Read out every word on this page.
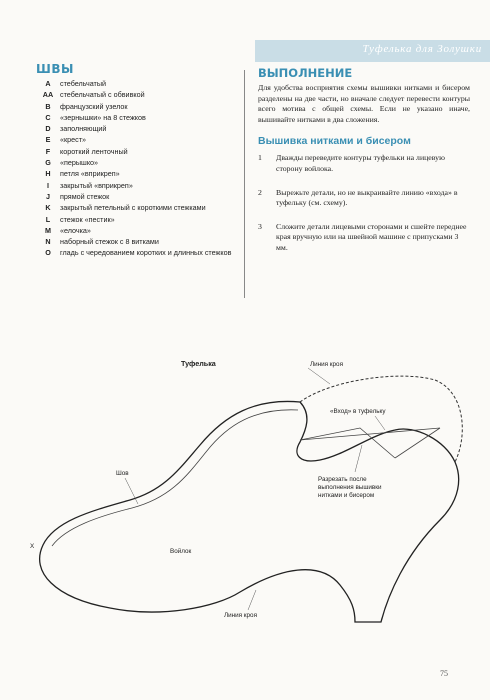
Туфелька для Золушки
ШВЫ
A	стебельчатый
AA стебельчатый с обвивкой
B	французский узелок
C	«зернышки» на 8 стежков
D	заполняющий
E	«крест»
F	короткий ленточный
G	«перышко»
H	петля «вприкреп»
I	закрытый «вприкреп»
J	прямой стежок
K	закрытый петельный с короткими стежками
L	стежок «пестик»
M	«елочка»
N	наборный стежок с 8 витками
O	гладь с чередованием коротких и длинных стежков
ВЫПОЛНЕНИЕ

Для удобства восприятия схемы вышивки нитками и бисером разделены на две части, но вначале следует перевести контуры всего мотива с общей схемы. Если не указано иначе, вышивайте нитками в два сложения.

Вышивка нитками и бисером
1	Дважды переведите контуры туфельки на лицевую сторону войлока.
2	Вырежьте детали, но не выкраивайте линию «входа» в туфельку (см. схему).
3	Сложите детали лицевыми сторонами и сшейте переднее края вручную или на швейной машине с припусками 3 мм.
Туфелька	Линия кроя
«Вход» в туфельку
Шов
Разрезать после
выполнения вышивки
нитками и бисером
Войлок
X
Линия кроя
75
